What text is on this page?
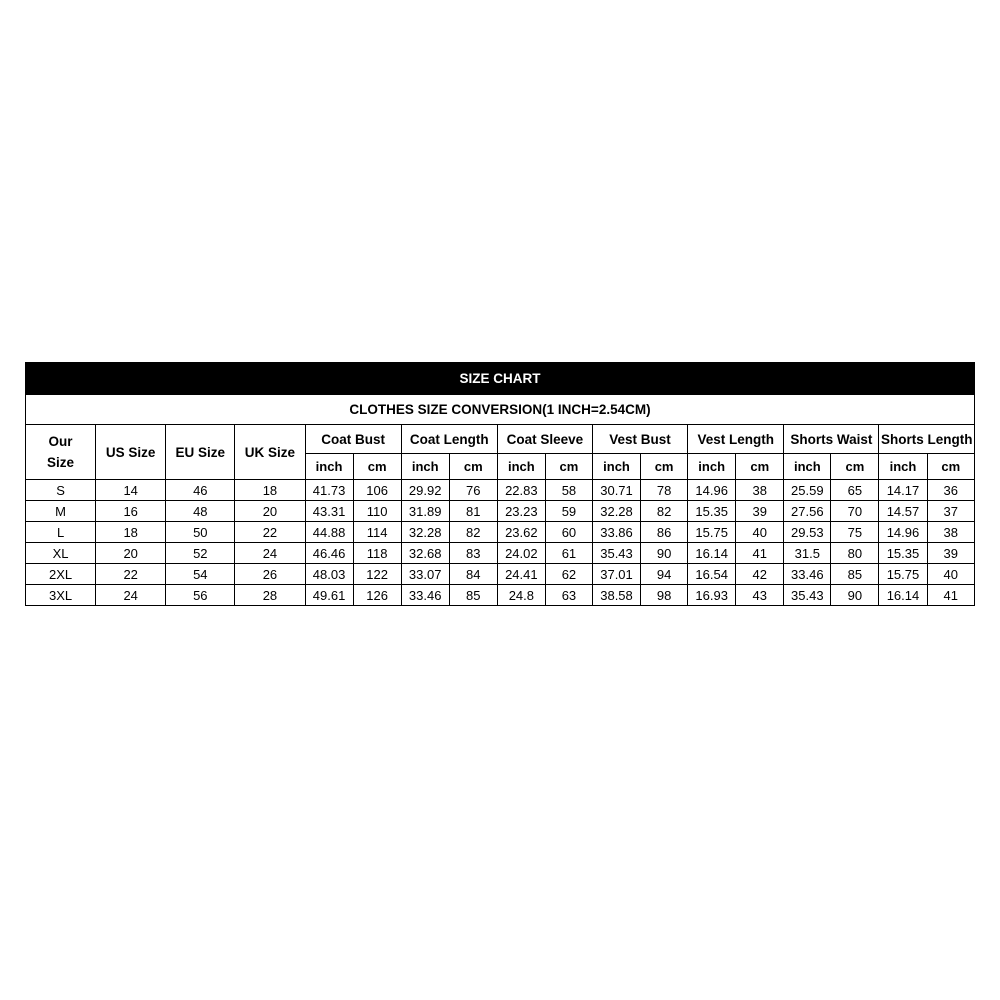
SIZE CHART																	
CLOTHES SIZE CONVERSION(1 INCH=2.54CM)																	
Our
Size	US Size	EU Size	UK Size	Coat Bust		Coat Length		Coat Sleeve		Vest Bust		Vest Length		Shorts Waist		Shorts Length	
				inch	cm	inch	cm	inch	cm	inch	cm	inch	cm	inch	cm	inch	cm
S	14	46	18	41.73	106	29.92	76	22.83	58	30.71	78	14.96	38	25.59	65	14.17	36
M	16	48	20	43.31	110	31.89	81	23.23	59	32.28	82	15.35	39	27.56	70	14.57	37
L	18	50	22	44.88	114	32.28	82	23.62	60	33.86	86	15.75	40	29.53	75	14.96	38
XL	20	52	24	46.46	118	32.68	83	24.02	61	35.43	90	16.14	41	31.5	80	15.35	39
2XL	22	54	26	48.03	122	33.07	84	24.41	62	37.01	94	16.54	42	33.46	85	15.75	40
3XL	24	56	28	49.61	126	33.46	85	24.8	63	38.58	98	16.93	43	35.43	90	16.14	41
